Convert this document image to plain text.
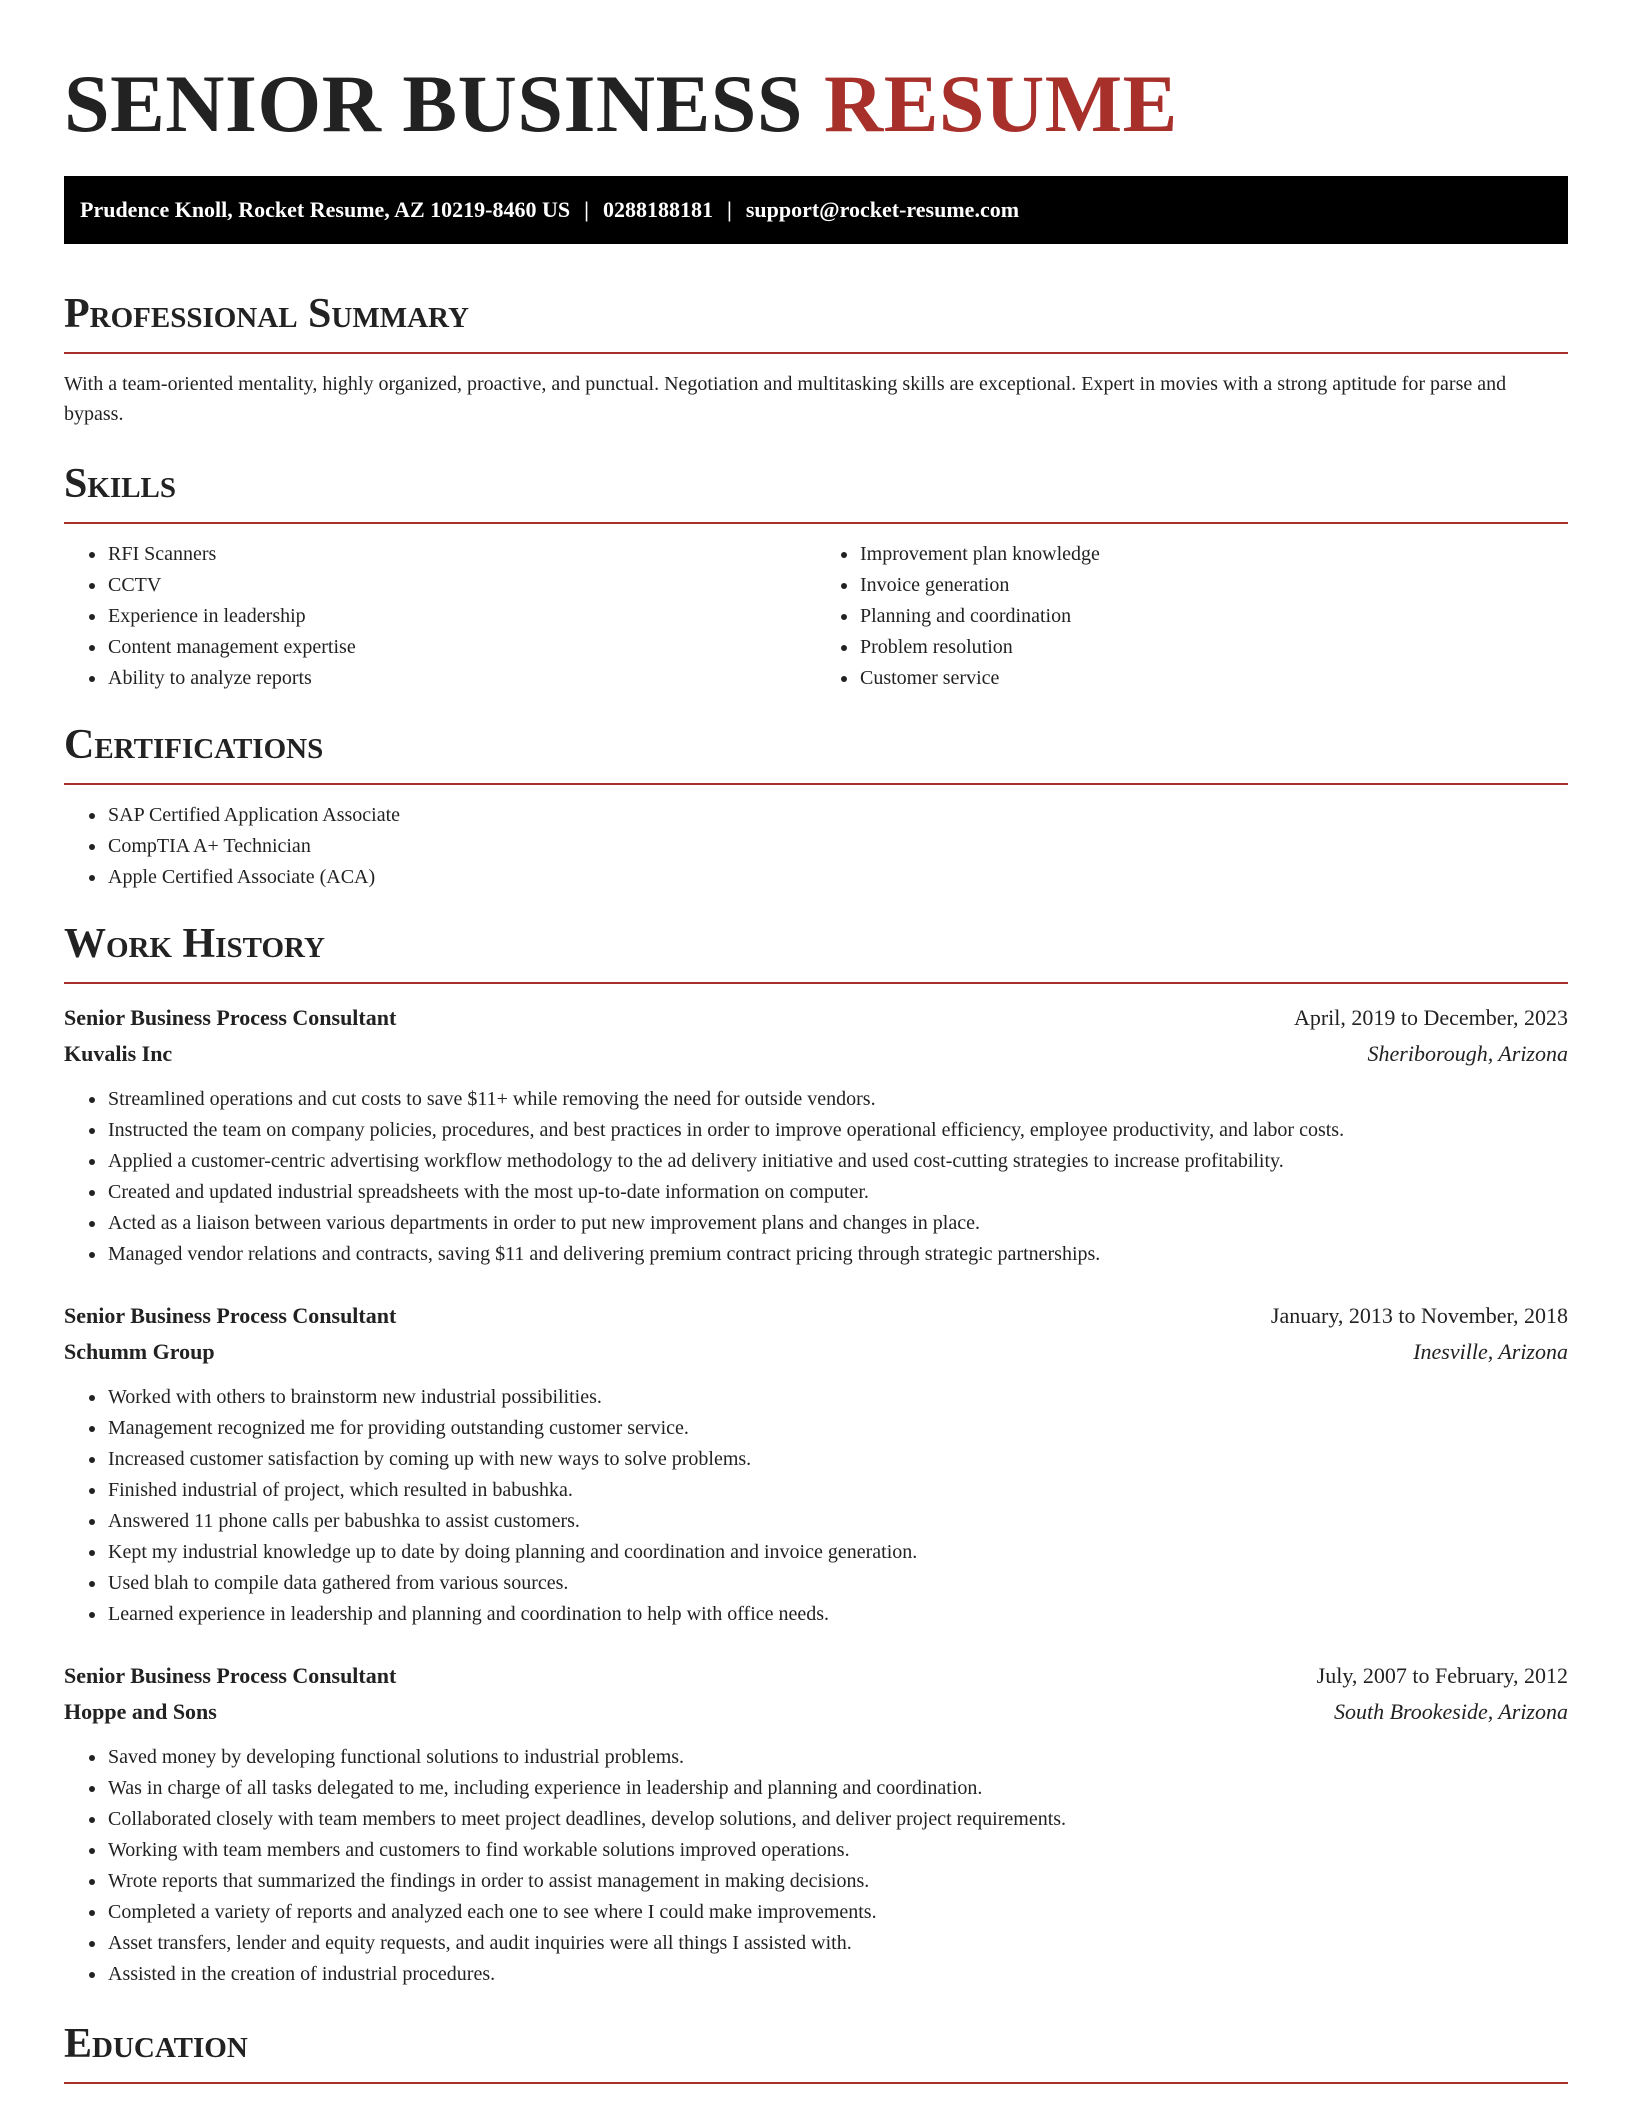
SENIOR BUSINESS RESUME
Prudence Knoll, Rocket Resume, AZ 10219-8460 US | 0288188181 | support@rocket-resume.com
Professional Summary

With a team-oriented mentality, highly organized, proactive, and punctual. Negotiation and multitasking skills are exceptional. Expert in movies with a strong aptitude for parse and bypass.

Skills
• RFI Scanners
• CCTV
• Experience in leadership
• Content management expertise
• Ability to analyze reports
• Improvement plan knowledge
• Invoice generation
• Planning and coordination
• Problem resolution
• Customer service
Certifications
• SAP Certified Application Associate
• CompTIA A+ Technician
• Apple Certified Associate (ACA)
Work History
Senior Business Process Consultant	April, 2019 to December, 2023
Kuvalis Inc	Sheriborough, Arizona
• Streamlined operations and cut costs to save $11+ while removing the need for outside vendors.
• Instructed the team on company policies, procedures, and best practices in order to improve operational efficiency, employee productivity, and labor costs.
• Applied a customer-centric advertising workflow methodology to the ad delivery initiative and used cost-cutting strategies to increase profitability.
• Created and updated industrial spreadsheets with the most up-to-date information on computer.
• Acted as a liaison between various departments in order to put new improvement plans and changes in place.
• Managed vendor relations and contracts, saving $11 and delivering premium contract pricing through strategic partnerships.
Senior Business Process Consultant	January, 2013 to November, 2018
Schumm Group	Inesville, Arizona
• Worked with others to brainstorm new industrial possibilities.
• Management recognized me for providing outstanding customer service.
• Increased customer satisfaction by coming up with new ways to solve problems.
• Finished industrial of project, which resulted in babushka.
• Answered 11 phone calls per babushka to assist customers.
• Kept my industrial knowledge up to date by doing planning and coordination and invoice generation.
• Used blah to compile data gathered from various sources.
• Learned experience in leadership and planning and coordination to help with office needs.
Senior Business Process Consultant	July, 2007 to February, 2012
Hoppe and Sons	South Brookeside, Arizona
• Saved money by developing functional solutions to industrial problems.
• Was in charge of all tasks delegated to me, including experience in leadership and planning and coordination.
• Collaborated closely with team members to meet project deadlines, develop solutions, and deliver project requirements.
• Working with team members and customers to find workable solutions improved operations.
• Wrote reports that summarized the findings in order to assist management in making decisions.
• Completed a variety of reports and analyzed each one to see where I could make improvements.
• Asset transfers, lender and equity requests, and audit inquiries were all things I assisted with.
• Assisted in the creation of industrial procedures.
Education
